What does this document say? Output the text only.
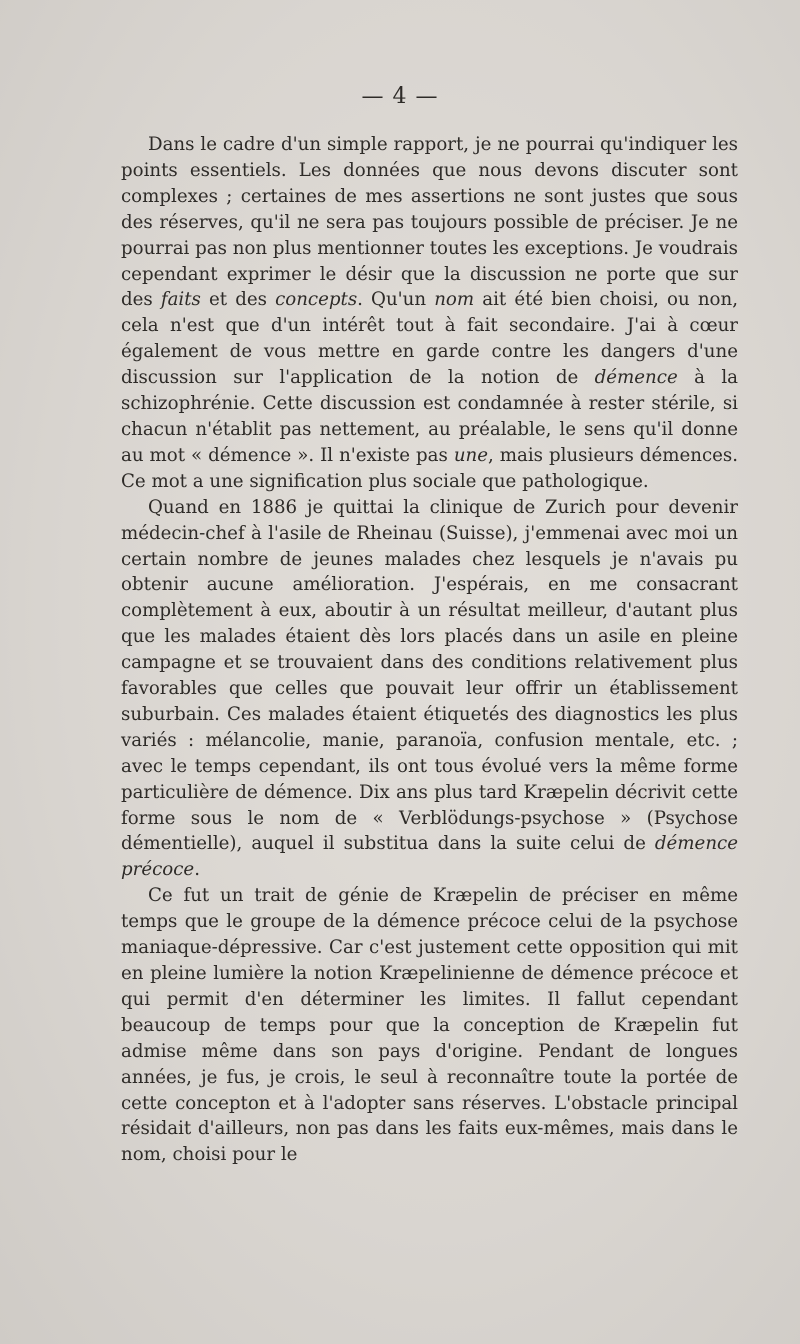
— 4 —

Dans le cadre d'un simple rapport, je ne pourrai qu'indiquer les points essentiels. Les données que nous devons discuter sont complexes ; certaines de mes assertions ne sont justes que sous des réserves, qu'il ne sera pas toujours possible de préciser. Je ne pourrai pas non plus mentionner toutes les exceptions. Je voudrais cependant exprimer le désir que la discussion ne porte que sur des faits et des concepts. Qu'un nom ait été bien choisi, ou non, cela n'est que d'un intérêt tout à fait secondaire. J'ai à cœur également de vous mettre en garde contre les dangers d'une discussion sur l'application de la notion de démence à la schizophrénie. Cette discussion est condamnée à rester stérile, si chacun n'établit pas nettement, au préalable, le sens qu'il donne au mot « démence ». Il n'existe pas une, mais plusieurs démences. Ce mot a une signification plus sociale que pathologique.

Quand en 1886 je quittai la clinique de Zurich pour devenir médecin-chef à l'asile de Rheinau (Suisse), j'emmenai avec moi un certain nombre de jeunes malades chez lesquels je n'avais pu obtenir aucune amélioration. J'espérais, en me consacrant complètement à eux, aboutir à un résultat meilleur, d'autant plus que les malades étaient dès lors placés dans un asile en pleine campagne et se trouvaient dans des conditions relativement plus favorables que celles que pouvait leur offrir un établissement suburbain. Ces malades étaient étiquetés des diagnostics les plus variés : mélancolie, manie, paranoïa, confusion mentale, etc. ; avec le temps cependant, ils ont tous évolué vers la même forme particulière de démence. Dix ans plus tard Kræpelin décrivit cette forme sous le nom de « Verblödungs-psychose » (Psychose démentielle), auquel il substitua dans la suite celui de démence précoce.

Ce fut un trait de génie de Kræpelin de préciser en même temps que le groupe de la démence précoce celui de la psychose maniaque-dépressive. Car c'est justement cette opposition qui mit en pleine lumière la notion Kræpelinienne de démence précoce et qui permit d'en déterminer les limites. Il fallut cependant beaucoup de temps pour que la conception de Kræpelin fut admise même dans son pays d'origine. Pendant de longues années, je fus, je crois, le seul à reconnaître toute la portée de cette concepton et à l'adopter sans réserves. L'obstacle principal résidait d'ailleurs, non pas dans les faits eux-mêmes, mais dans le nom, choisi pour le
